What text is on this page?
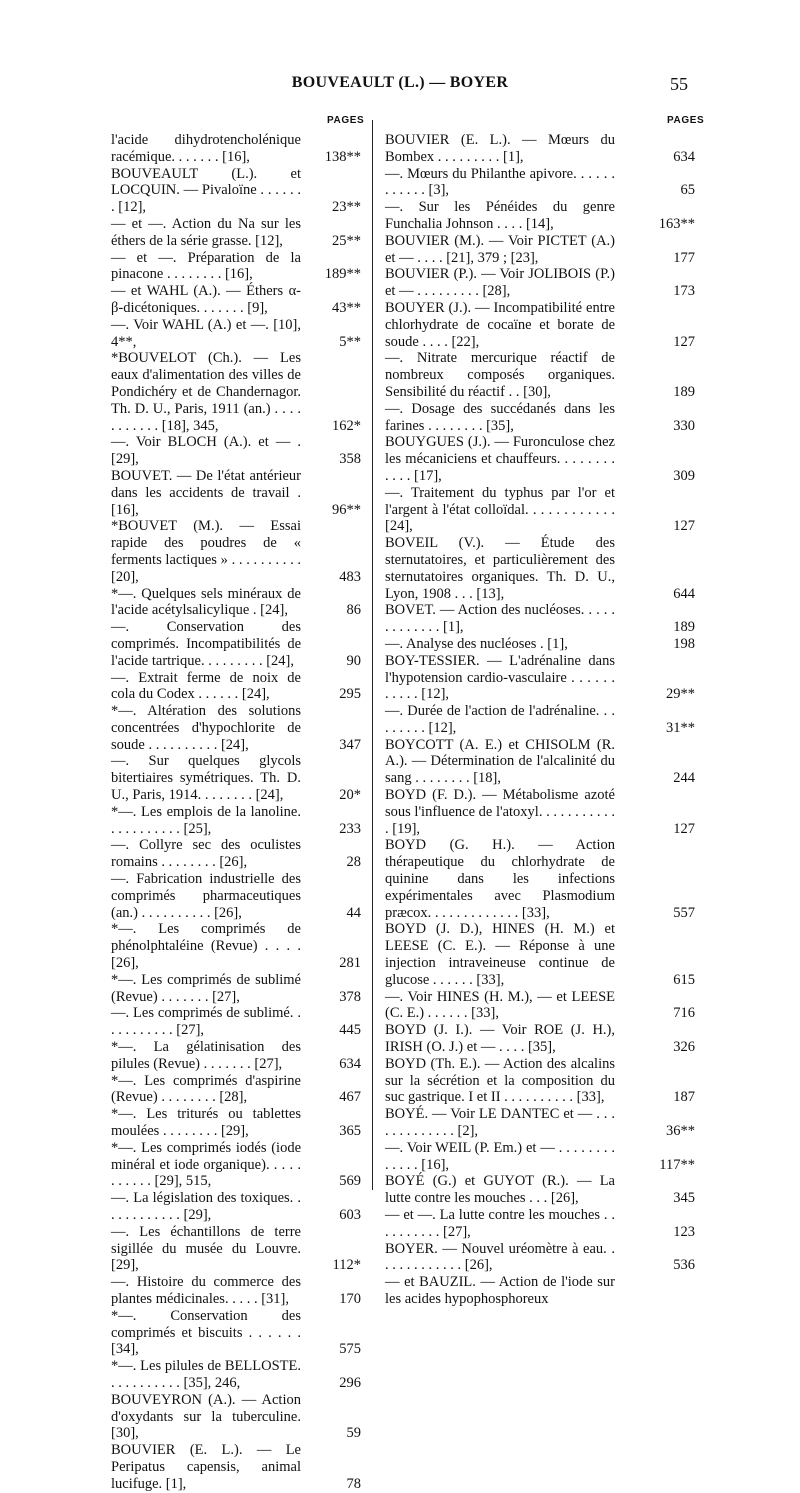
BOUVEAULT (L.) — BOYER	55
PAGES
l'acide dihydrotencholénique racémique. . . . . . . [16],	138**
BOUVEAULT (L.). et LOCQUIN. — Pivaloïne . . . . . . . [12],	23**
— et —. Action du Na sur les éthers de la série grasse. [12],	25**
— et —. Préparation de la pinacone . . . . . . . . [16],	189**
— et WAHL (A.). — Éthers α-β-dicétoniques. . . . . . . [9],	43**
—. Voir WAHL (A.) et —. [10], 4**,	5**
*BOUVELOT (Ch.). — Les eaux d'alimentation des villes de Pondichéry et de Chandernagor. Th. D. U., Paris, 1911 (an.) . . . . . . . . . . . [18], 345,	162*
—. Voir BLOCH (A.). et — . [29],	358
BOUVET. — De l'état antérieur dans les accidents de travail . [16],	96**
*BOUVET (M.). — Essai rapide des poudres de « ferments lactiques » . . . . . . . . . . [20],	483
*—. Quelques sels minéraux de l'acide acétylsalicylique . [24],	86
—. Conservation des comprimés. Incompatibilités de l'acide tartrique. . . . . . . . . [24],	90
—. Extrait ferme de noix de cola du Codex . . . . . . [24],	295
*—. Altération des solutions concentrées d'hypochlorite de soude . . . . . . . . . . [24],	347
—. Sur quelques glycols bitertiaires symétriques. Th. D. U., Paris, 1914. . . . . . . . [24],	20*
*—. Les emplois de la lanoline. . . . . . . . . . . [25],	233
—. Collyre sec des oculistes romains . . . . . . . . [26],	28
—. Fabrication industrielle des comprimés pharmaceutiques (an.) . . . . . . . . . . [26],	44
*—. Les comprimés de phénolphtaléine (Revue) . . . . [26],	281
*—. Les comprimés de sublimé (Revue) . . . . . . . [27],	378
—. Les comprimés de sublimé. . . . . . . . . . . [27],	445
*—. La gélatinisation des pilules (Revue) . . . . . . . [27],	634
*—. Les comprimés d'aspirine (Revue) . . . . . . . . [28],	467
*—. Les triturés ou tablettes moulées . . . . . . . . [29],	365
*—. Les comprimés iodés (iode minéral et iode organique). . . . . . . . . . . [29], 515,	569
—. La législation des toxiques. . . . . . . . . . . . [29],	603
—. Les échantillons de terre sigillée du musée du Louvre. [29],	112*
—. Histoire du commerce des plantes médicinales. . . . . [31],	170
*—. Conservation des comprimés et biscuits . . . . . . [34],	575
*—. Les pilules de BELLOSTE. . . . . . . . . . . [35], 246,	296
BOUVEYRON (A.). — Action d'oxydants sur la tuberculine. [30],	59
BOUVIER (E. L.). — Le Peripatus capensis, animal lucifuge. [1],	78
PAGES
BOUVIER (E. L.). — Mœurs du Bombex . . . . . . . . . [1],	634
—. Mœurs du Philanthe apivore. . . . . . . . . . . . [3],	65
—. Sur les Pénéides du genre Funchalia Johnson . . . . [14],	163**
BOUVIER (M.). — Voir PICTET (A.) et — . . . . [21], 379 ; [23],	177
BOUVIER (P.). — Voir JOLIBOIS (P.) et — . . . . . . . . . [28],	173
BOUYER (J.). — Incompatibilité entre chlorhydrate de cocaïne et borate de soude . . . . [22],	127
—. Nitrate mercurique réactif de nombreux composés organiques. Sensibilité du réactif . . [30],	189
—. Dosage des succédanés dans les farines . . . . . . . . [35],	330
BOUYGUES (J.). — Furonculose chez les mécaniciens et chauffeurs. . . . . . . . . . . . [17],	309
—. Traitement du typhus par l'or et l'argent à l'état colloïdal. . . . . . . . . . . . [24],	127
BOVEIL (V.). — Étude des sternutatoires, et particulièrement des sternutatoires organiques. Th. D. U., Lyon, 1908 . . . [13],	644
BOVET. — Action des nucléoses. . . . . . . . . . . . . [1],	189
—. Analyse des nucléoses . [1],	198
BOY-TESSIER. — L'adrénaline dans l'hypotension cardio-vasculaire . . . . . . . . . . . [12],	29**
—. Durée de l'action de l'adrénaline. . . . . . . . . [12],	31**
BOYCOTT (A. E.) et CHISOLM (R. A.). — Détermination de l'alcalinité du sang . . . . . . . . [18],	244
BOYD (F. D.). — Métabolisme azoté sous l'influence de l'atoxyl. . . . . . . . . . . . [19],	127
BOYD (G. H.). — Action thérapeutique du chlorhydrate de quinine dans les infections expérimentales avec Plasmodium præcox. . . . . . . . . . . . . [33],	557
BOYD (J. D.), HINES (H. M.) et LEESE (C. E.). — Réponse à une injection intraveineuse continue de glucose . . . . . . [33],	615
—. Voir HINES (H. M.), — et LEESE (C. E.) . . . . . . [33],	716
BOYD (J. I.). — Voir ROE (J. H.), IRISH (O. J.) et — . . . . [35],	326
BOYD (Th. E.). — Action des alcalins sur la sécrétion et la composition du suc gastrique. I et II . . . . . . . . . . [33],	187
BOYÉ. — Voir LE DANTEC et — . . . . . . . . . . . . . [2],	36**
—. Voir WEIL (P. Em.) et — . . . . . . . . . . . . . [16],	117**
BOYÉ (G.) et GUYOT (R.). — La lutte contre les mouches . . . [26],	345
— et —. La lutte contre les mouches . . . . . . . . . . [27],	123
BOYER. — Nouvel uréomètre à eau. . . . . . . . . . . . . [26],	536
— et BAUZIL. — Action de l'iode sur les acides hypophosphoreux
